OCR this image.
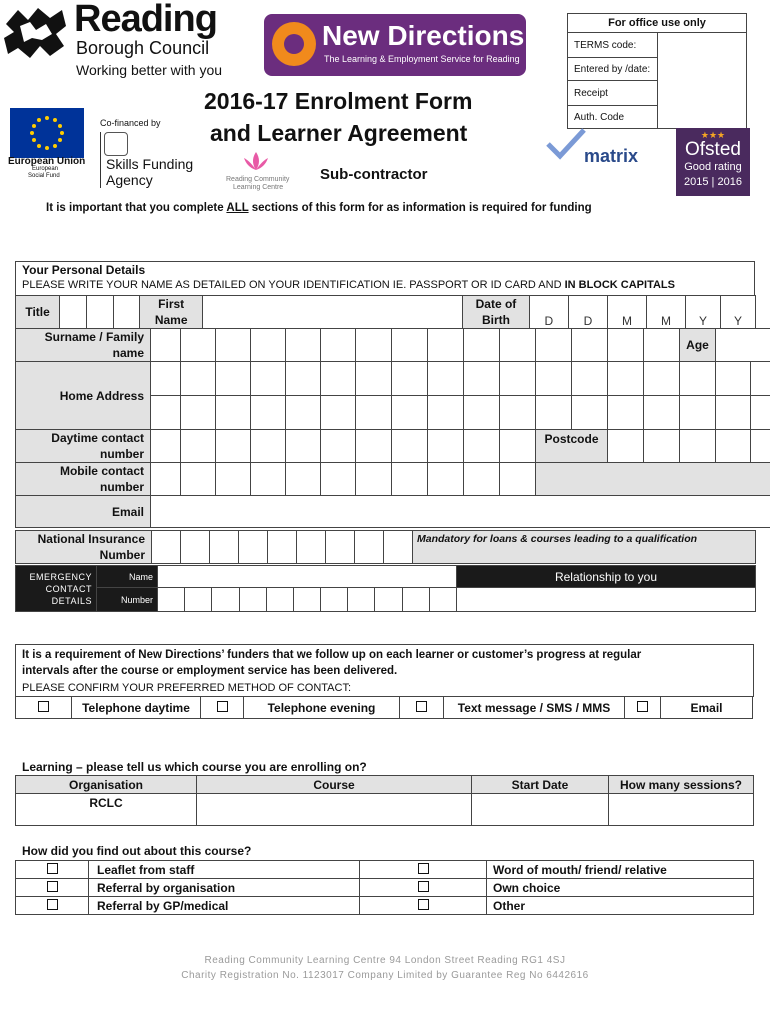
Reading
Borough Council
Working better with you
New Directions
The Learning & Employment Service for Reading
For office use only
TERMS code:	
Entered by /date:
Receipt
Auth. Code
European Union
European
Social Fund
Co-financed by
Skills Funding
Agency
2016-17 Enrolment Form
and Learner Agreement
Reading Community
Learning Centre
Sub-contractor
matrix
★★★
Ofsted
Good rating
2015 | 2016
It is important that you complete ALL sections of this form for as information is required for funding
Your Personal Details
PLEASE WRITE YOUR NAME AS DETAILED ON YOUR IDENTIFICATION IE. PASSPORT OR ID CARD AND IN BLOCK CAPITALS
Title				First Name		Date of Birth	D	D	M	M	Y	Y
Surname / Family name																Age			
Home Address																			

Daytime contact number												Postcode							
Mobile contact number																			
Email																			
National Insurance Number										Mandatory for loans & courses leading to a qualification
EMERGENCY CONTACT DETAILS	Name												Relationship to you
	Number												
It is a requirement of New Directions’ funders that we follow up on each learner or customer’s progress at regular
intervals after the course or employment service has been delivered.
PLEASE CONFIRM YOUR PREFERRED METHOD OF CONTACT:
	Telephone daytime		Telephone evening		Text message / SMS / MMS		Email
Learning – please tell us which course you are enrolling on?
Organisation	Course	Start Date	How many sessions?
RCLC			
How did you find out about this course?
	Leaflet from staff		Word of mouth/ friend/ relative
	Referral by organisation		Own choice
	Referral by GP/medical		Other
Reading Community Learning Centre 94 London Street Reading RG1 4SJ
Charity Registration No. 1123017 Company Limited by Guarantee Reg No 6442616
